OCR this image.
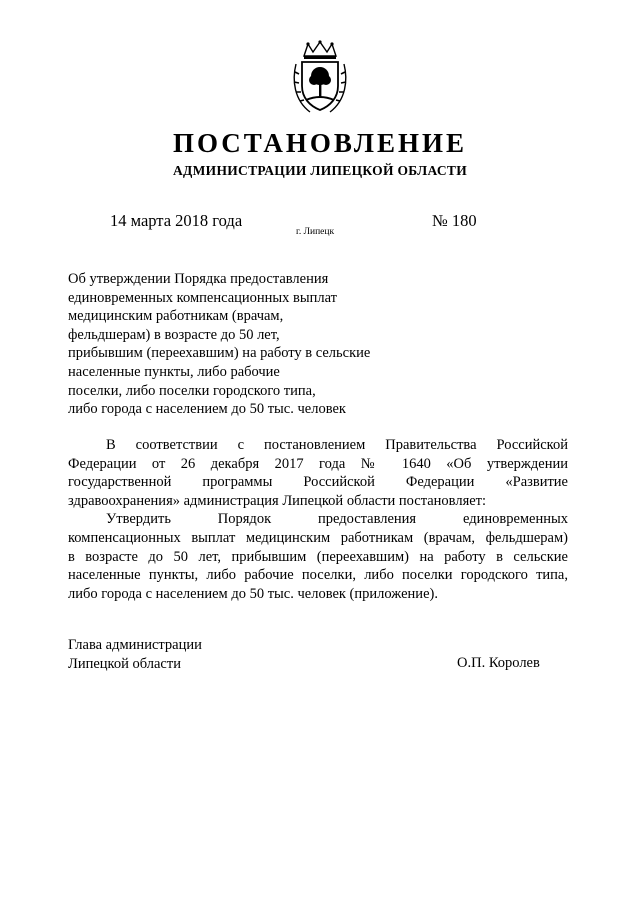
ПОСТАНОВЛЕНИЕ
АДМИНИСТРАЦИИ ЛИПЕЦКОЙ ОБЛАСТИ
14 марта 2018 года
г. Липецк
№ 180
Об утверждении Порядка предоставления
единовременных компенсационных выплат
медицинским работникам (врачам,
фельдшерам) в возрасте до 50 лет,
прибывшим (переехавшим) на работу в сельские
населенные пункты, либо рабочие
поселки, либо поселки городского типа,
либо города с населением до 50 тыс. человек
В соответствии с постановлением Правительства Российской
Федерации от 26 декабря 2017 года № 1640 «Об утверждении
государственной программы Российской Федерации «Развитие
здравоохранения» администрация Липецкой области постановляет:
Утвердить Порядок предоставления единовременных
компенсационных выплат медицинским работникам (врачам, фельдшерам)
в возрасте до 50 лет, прибывшим (переехавшим) на работу в сельские
населенные пункты, либо рабочие поселки, либо поселки городского типа,
либо города с населением до 50 тыс. человек (приложение).
Глава администрации
Липецкой области	О.П. Королев
